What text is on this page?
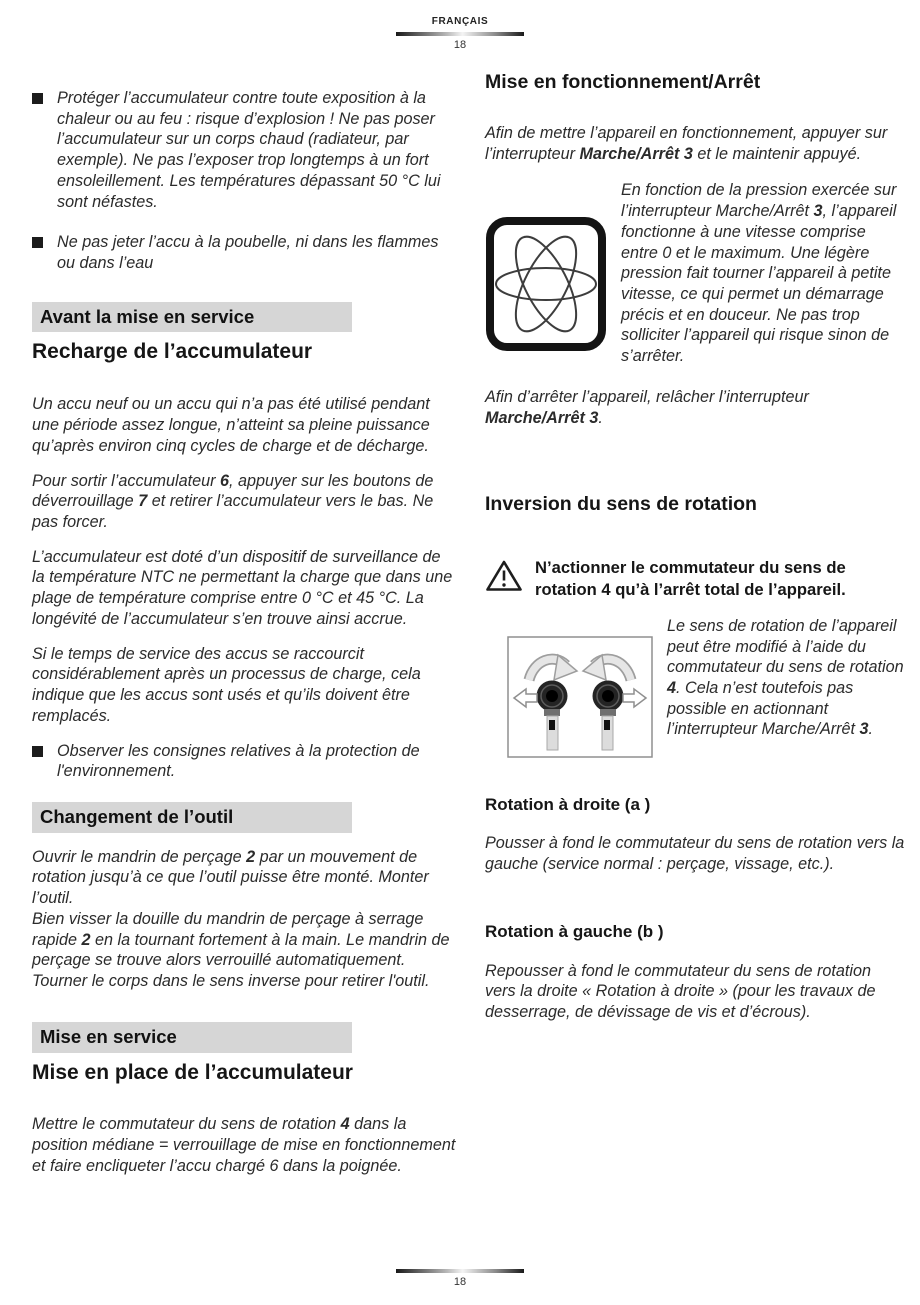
FRANÇAIS
18

Protéger l’accumulateur contre toute exposition à la chaleur ou au feu : risque d’explosion ! Ne pas poser l’accumulateur sur un corps chaud (radiateur, par exemple). Ne pas l’exposer trop longtemps à un fort ensoleillement. Les températures dépassant 50 °C lui sont néfastes.

Ne pas jeter l’accu à la poubelle, ni dans les flammes ou dans l’eau

Avant la mise en service
Recharge de l’accumulateur

Un accu neuf ou un accu qui n’a pas été utilisé pendant une période assez longue, n’atteint sa pleine puissance qu’après environ cinq cycles de charge et de décharge.

Pour sortir l’accumulateur 6, appuyer sur les boutons de déverrouillage 7 et retirer l’accumulateur vers le bas. Ne pas forcer.

L’accumulateur est doté d’un dispositif de surveillance de la température NTC ne permettant la charge que dans une plage de température comprise entre 0 °C et 45 °C. La longévité de l’accumulateur s’en trouve ainsi accrue.

Si le temps de service des accus se raccourcit considérablement après un processus de charge, cela indique que les accus sont usés et qu’ils doivent être remplacés.

Observer les consignes relatives à la protection de l'environnement.

Changement de l’outil

Ouvrir le mandrin de perçage 2 par un mouvement de rotation jusqu’à ce que l’outil puisse être monté. Monter l’outil.

Bien visser la douille du mandrin de perçage à serrage rapide 2 en la tournant fortement à la main. Le mandrin de perçage se trouve alors verrouillé automatiquement.

Tourner le corps dans le sens inverse pour retirer l'outil.

Mise en service
Mise en place de l’accumulateur

Mettre le commutateur du sens de rotation 4 dans la position médiane = verrouillage de mise en fonctionnement et faire encliqueter l’accu chargé 6 dans la poignée.

Mise en fonctionnement/Arrêt

Afin de mettre l’appareil en fonctionnement, appuyer sur l’interrupteur Marche/Arrêt 3 et le maintenir appuyé.

En fonction de la pression exercée sur l’interrupteur Marche/Arrêt 3, l’appareil fonctionne à une vitesse comprise entre 0 et le maximum. Une légère pression fait tourner l’appareil à petite vitesse, ce qui permet un démarrage précis et en douceur. Ne pas trop solliciter l’appareil qui risque sinon de s’arrêter.

Afin d’arrêter l’appareil, relâcher l’interrupteur Marche/Arrêt 3.

Inversion du sens de rotation

N’actionner le commutateur du sens de rotation 4 qu’à l’arrêt total de l’appareil.

Le sens de rotation de l’appareil peut être modifié à l’aide du commutateur du sens de rotation 4. Cela n’est toutefois pas possible en actionnant l’interrupteur Marche/Arrêt 3.

Rotation à droite (a )

Pousser à fond le commutateur du sens de rotation vers la gauche (service normal : perçage, vissage, etc.).

Rotation à gauche (b )

Repousser à fond le commutateur du sens de rotation vers la droite « Rotation à droite » (pour les travaux de desserrage, de dévissage de vis et d’écrous).

18
